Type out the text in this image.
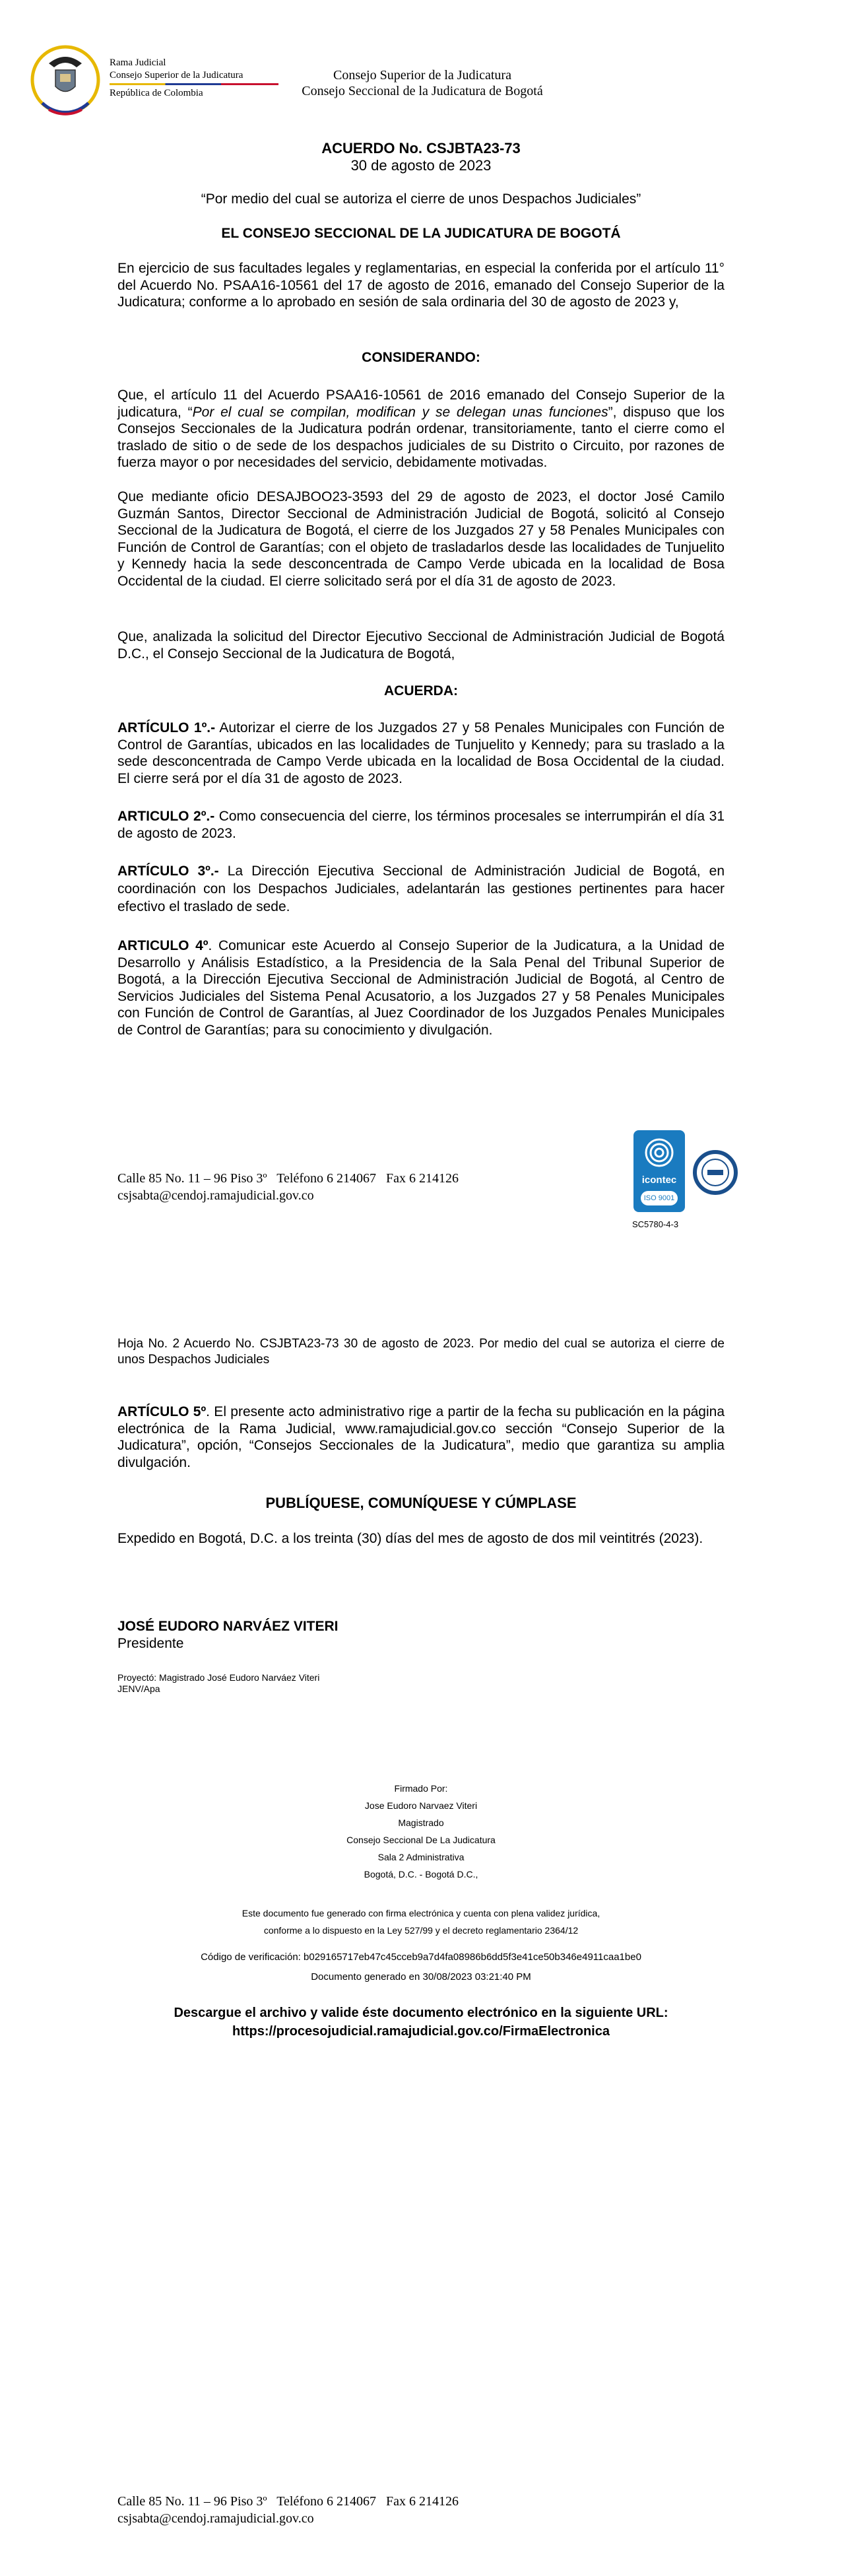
Rama Judicial
Consejo Superior de la Judicatura
República de Colombia
Consejo Superior de la Judicatura
Consejo Seccional de la Judicatura de Bogotá
ACUERDO No. CSJBTA23-73
30 de agosto de 2023
“Por medio del cual se autoriza el cierre de unos Despachos Judiciales”
EL CONSEJO SECCIONAL DE LA JUDICATURA DE BOGOTÁ
En ejercicio de sus facultades legales y reglamentarias, en especial la conferida por el artículo 11° del Acuerdo No. PSAA16-10561 del 17 de agosto de 2016, emanado del Consejo Superior de la Judicatura; conforme a lo aprobado en sesión de sala ordinaria del 30 de agosto de 2023 y,
CONSIDERANDO:
Que, el artículo 11 del Acuerdo PSAA16-10561 de 2016 emanado del Consejo Superior de la judicatura, “Por el cual se compilan, modifican y se delegan unas funciones”, dispuso que los Consejos Seccionales de la Judicatura podrán ordenar, transitoriamente, tanto el cierre como el traslado de sitio o de sede de los despachos judiciales de su Distrito o Circuito, por razones de fuerza mayor o por necesidades del servicio, debidamente motivadas.
Que mediante oficio DESAJBOO23-3593 del 29 de agosto de 2023, el doctor José Camilo Guzmán Santos, Director Seccional de Administración Judicial de Bogotá, solicitó al Consejo Seccional de la Judicatura de Bogotá, el cierre de los Juzgados 27 y 58 Penales Municipales con Función de Control de Garantías; con el objeto de trasladarlos desde las localidades de Tunjuelito y Kennedy hacia la sede desconcentrada de Campo Verde ubicada en la localidad de Bosa Occidental de la ciudad. El cierre solicitado será por el día 31 de agosto de 2023.
Que, analizada la solicitud del Director Ejecutivo Seccional de Administración Judicial de Bogotá D.C., el Consejo Seccional de la Judicatura de Bogotá,
ACUERDA:
ARTÍCULO 1º.- Autorizar el cierre de los Juzgados 27 y 58 Penales Municipales con Función de Control de Garantías, ubicados en las localidades de Tunjuelito y Kennedy; para su traslado a la sede desconcentrada de Campo Verde ubicada en la localidad de Bosa Occidental de la ciudad. El cierre será por el día 31 de agosto de 2023.
ARTICULO 2º.- Como consecuencia del cierre, los términos procesales se interrumpirán el día 31 de agosto de 2023.
ARTÍCULO 3º.- La Dirección Ejecutiva Seccional de Administración Judicial de Bogotá, en coordinación con los Despachos Judiciales, adelantarán las gestiones pertinentes para hacer efectivo el traslado de sede.
ARTICULO 4º. Comunicar este Acuerdo al Consejo Superior de la Judicatura, a la Unidad de Desarrollo y Análisis Estadístico, a la Presidencia de la Sala Penal del Tribunal Superior de Bogotá, a la Dirección Ejecutiva Seccional de Administración Judicial de Bogotá, al Centro de Servicios Judiciales del Sistema Penal Acusatorio, a los Juzgados 27 y 58 Penales Municipales con Función de Control de Garantías, al Juez Coordinador de los Juzgados Penales Municipales de Control de Garantías; para su conocimiento y divulgación.
Calle 85 No. 11 – 96 Piso 3º   Teléfono 6 214067   Fax 6 214126
csjsabta@cendoj.ramajudicial.gov.co
icontec
ISO 9001
SC5780-4-3
Hoja No. 2 Acuerdo No. CSJBTA23-73 30 de agosto de 2023. Por medio del cual se autoriza el cierre de unos Despachos Judiciales
ARTÍCULO 5º. El presente acto administrativo rige a partir de la fecha su publicación en la página electrónica de la Rama Judicial, www.ramajudicial.gov.co sección “Consejo Superior de la Judicatura”, opción, “Consejos Seccionales de la Judicatura”, medio que garantiza su amplia divulgación.
PUBLÍQUESE, COMUNÍQUESE Y CÚMPLASE
Expedido en Bogotá, D.C. a los treinta (30) días del mes de agosto de dos mil veintitrés (2023).
JOSÉ EUDORO NARVÁEZ VITERI
Presidente
Proyectó: Magistrado José Eudoro Narváez Viteri
JENV/Apa
Firmado Por:
Jose Eudoro Narvaez Viteri
Magistrado
Consejo Seccional De La Judicatura
Sala 2 Administrativa
Bogotá, D.C. - Bogotá D.C.,
Este documento fue generado con firma electrónica y cuenta con plena validez jurídica,
conforme a lo dispuesto en la Ley 527/99 y el decreto reglamentario 2364/12
Código de verificación: b029165717eb47c45cceb9a7d4fa08986b6dd5f3e41ce50b346e4911caa1be0
Documento generado en 30/08/2023 03:21:40 PM
Descargue el archivo y valide éste documento electrónico en la siguiente URL:
https://procesojudicial.ramajudicial.gov.co/FirmaElectronica
Calle 85 No. 11 – 96 Piso 3º   Teléfono 6 214067   Fax 6 214126
csjsabta@cendoj.ramajudicial.gov.co
